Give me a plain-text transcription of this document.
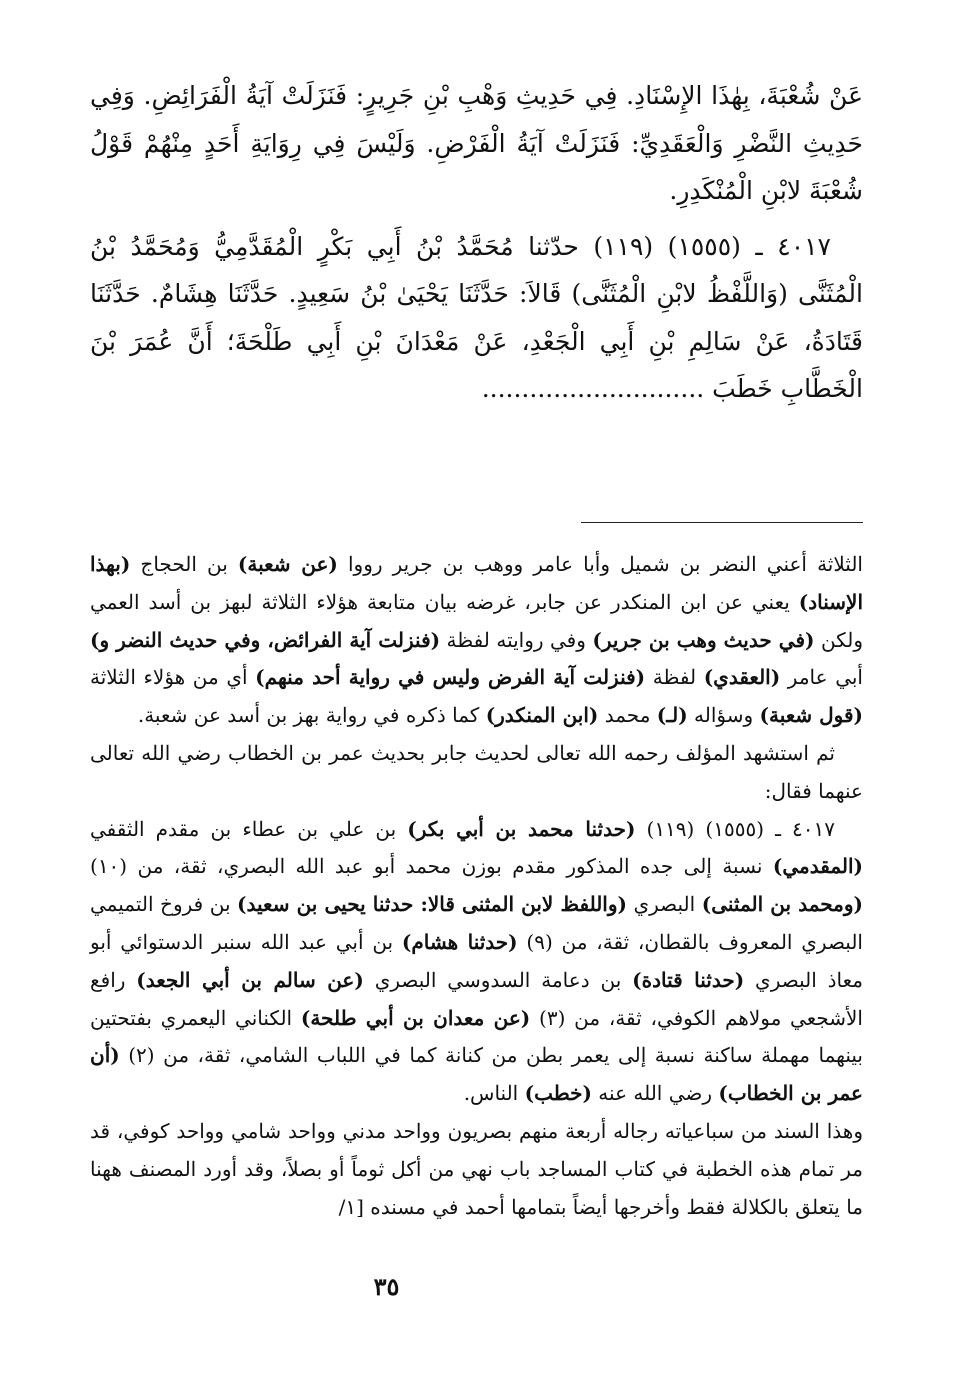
عَنْ شُعْبَةَ، بِهٰذَا الإِسْنَادِ. فِي حَدِيثِ وَهْبِ بْنِ جَرِيرٍ: فَنَزَلَتْ آيَةُ الْفَرَائِضِ. وَفِي حَدِيثِ النَّضْرِ وَالْعَقَدِيِّ: فَنَزَلَتْ آيَةُ الْفَرْضِ. وَلَيْسَ فِي رِوَايَةِ أَحَدٍ مِنْهُمْ قَوْلُ شُعْبَةَ لابْنِ الْمُنْكَدِرِ.

٤٠١٧ ـ (١٥٥٥) (١١٩) حدّثنا مُحَمَّدُ بْنُ أَبِي بَكْرٍ الْمُقَدَّمِيُّ وَمُحَمَّدُ بْنُ الْمُثَنَّى (وَاللَّفْظُ لابْنِ الْمُثَنَّى) قَالاَ: حَدَّثَنَا يَحْيَىٰ بْنُ سَعِيدٍ. حَدَّثَنَا هِشَامٌ. حَدَّثَنَا قَتَادَةُ، عَنْ سَالِمِ بْنِ أَبِي الْجَعْدِ، عَنْ مَعْدَانَ بْنِ أَبِي طَلْحَةَ؛ أَنَّ عُمَرَ بْنَ الْخَطَّابِ خَطَبَ ............................

الثلاثة أعني النضر بن شميل وأبا عامر ووهب بن جرير رووا (عن شعبة) بن الحجاج (بهذا الإسناد) يعني عن ابن المنكدر عن جابر، غرضه بيان متابعة هؤلاء الثلاثة لبهز بن أسد العمي ولكن (في حديث وهب بن جرير) وفي روايته لفظة (فنزلت آية الفرائض، وفي حديث النضر و) أبي عامر (العقدي) لفظة (فنزلت آية الفرض وليس في رواية أحد منهم) أي من هؤلاء الثلاثة (قول شعبة) وسؤاله (لـ) محمد (ابن المنكدر) كما ذكره في رواية بهز بن أسد عن شعبة.

ثم استشهد المؤلف رحمه الله تعالى لحديث جابر بحديث عمر بن الخطاب رضي الله تعالى عنهما فقال:

٤٠١٧ ـ (١٥٥٥) (١١٩) (حدثنا محمد بن أبي بكر) بن علي بن عطاء بن مقدم الثقفي (المقدمي) نسبة إلى جده المذكور مقدم بوزن محمد أبو عبد الله البصري، ثقة، من (١٠) (ومحمد بن المثنى) البصري (واللفظ لابن المثنى قالا: حدثنا يحيى بن سعيد) بن فروخ التميمي البصري المعروف بالقطان، ثقة، من (٩) (حدثنا هشام) بن أبي عبد الله سنبر الدستوائي أبو معاذ البصري (حدثنا قتادة) بن دعامة السدوسي البصري (عن سالم بن أبي الجعد) رافع الأشجعي مولاهم الكوفي، ثقة، من (٣) (عن معدان بن أبي طلحة) الكناني اليعمري بفتحتين بينهما مهملة ساكنة نسبة إلى يعمر بطن من كنانة كما في اللباب الشامي، ثقة، من (٢) (أن عمر بن الخطاب) رضي الله عنه (خطب) الناس.

وهذا السند من سباعياته رجاله أربعة منهم بصريون وواحد مدني وواحد شامي وواحد كوفي، قد مر تمام هذه الخطبة في كتاب المساجد باب نهي من أكل ثوماً أو بصلاً، وقد أورد المصنف ههنا ما يتعلق بالكلالة فقط وأخرجها أيضاً بتمامها أحمد في مسنده [١/

٣٥
